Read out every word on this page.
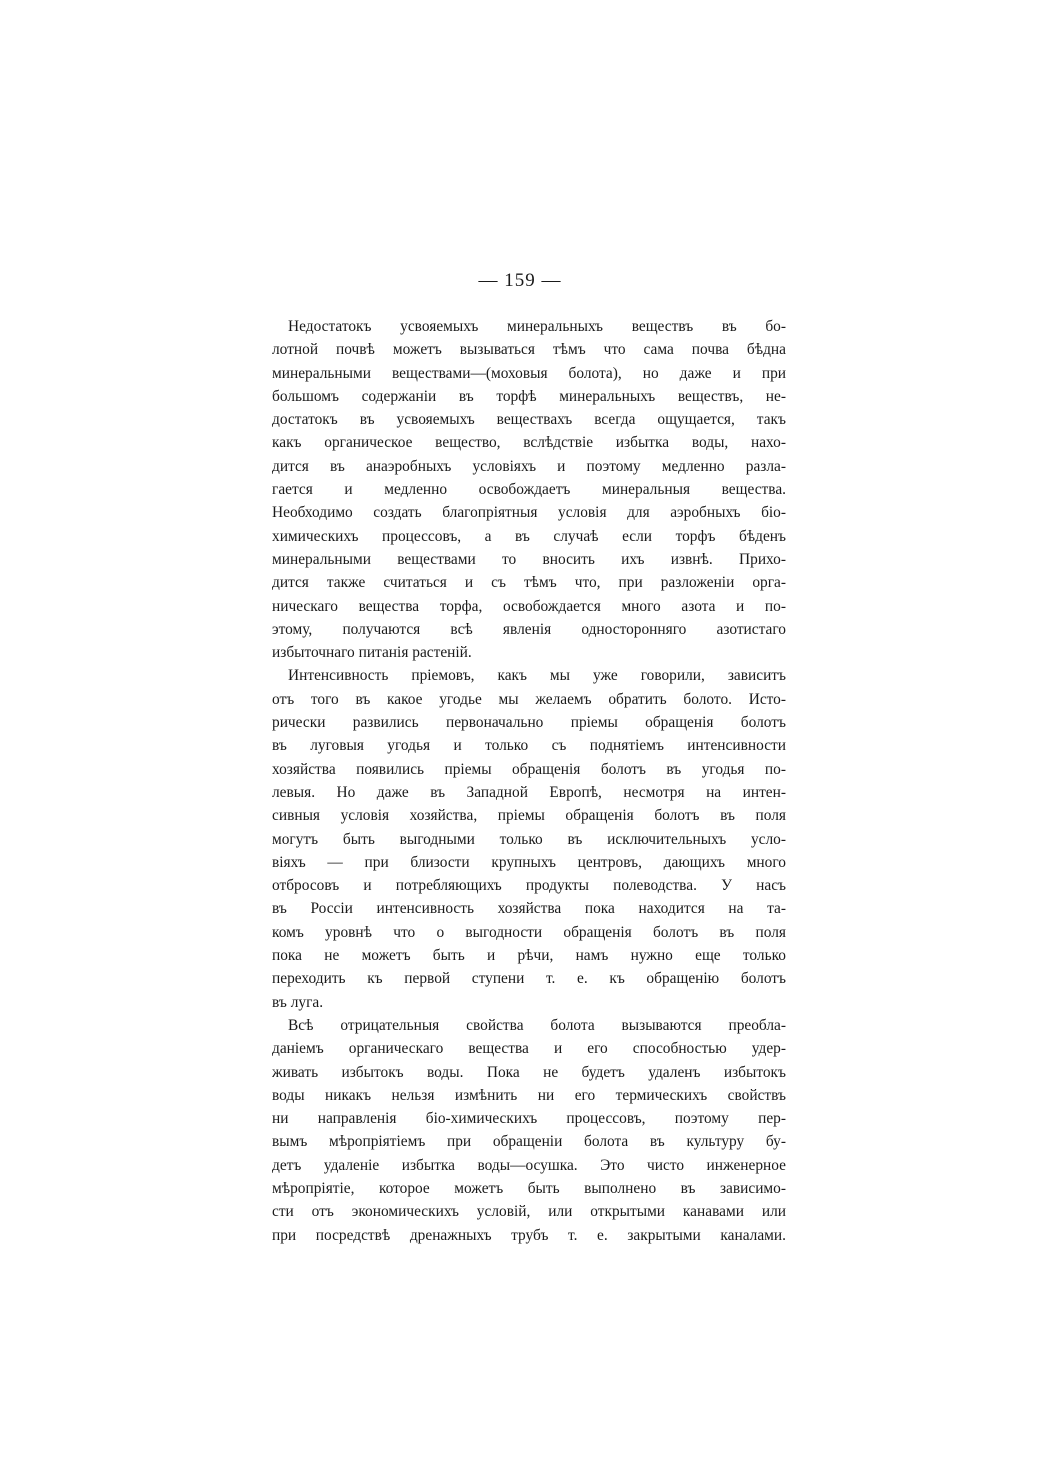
— 159 —
Недостатокъ усвояемыхъ минеральныхъ веществъ въ бо-
лотной почвѣ можетъ вызываться тѣмъ что сама почва бѣдна
минеральными веществами—(моховыя болота), но даже и при
большомъ содержаніи въ торфѣ минеральныхъ веществъ, не-
достатокъ въ усвояемыхъ веществахъ всегда ощущается, такъ
какъ органическое вещество, вслѣдствіе избытка воды, нахо-
дится въ анаэробныхъ условіяхъ и поэтому медленно разла-
гается и медленно освобождаетъ минеральныя вещества.
Необходимо создать благопріятныя условія для аэробныхъ біо-
химическихъ процессовъ, а въ случаѣ если торфъ бѣденъ
минеральными веществами то вносить ихъ извнѣ. Прихо-
дится также считаться и съ тѣмъ что, при разложеніи орга-
ническаго вещества торфа, освобождается много азота и по-
этому, получаются всѣ явленія односторонняго азотистаго
избыточнаго питанія растеній.
Интенсивность пріемовъ, какъ мы уже говорили, зависитъ
отъ того въ какое угодье мы желаемъ обратить болото. Исто-
рически развились первоначально пріемы обращенія болотъ
въ луговыя угодья и только съ поднятіемъ интенсивности
хозяйства появились пріемы обращенія болотъ въ угодья по-
левыя. Но даже въ Западной Европѣ, несмотря на интен-
сивныя условія хозяйства, пріемы обращенія болотъ въ поля
могутъ быть выгодными только въ исключительныхъ усло-
віяхъ — при близости крупныхъ центровъ, дающихъ много
отбросовъ и потребляющихъ продукты полеводства. У насъ
въ Россіи интенсивность хозяйства пока находится на та-
комъ уровнѣ что о выгодности обращенія болотъ въ поля
пока не можетъ быть и рѣчи, намъ нужно еще только
переходить къ первой ступени т. е. къ обращенію болотъ
въ луга.
Всѣ отрицательныя свойства болота вызываются преобла-
даніемъ органическаго вещества и его способностью удер-
живать избытокъ воды. Пока не будетъ удаленъ избытокъ
воды никакъ нельзя измѣнить ни его термическихъ свойствъ
ни направленія біо-химическихъ процессовъ, поэтому пер-
вымъ мѣропріятіемъ при обращеніи болота въ культуру бу-
детъ удаленіе избытка воды—осушка. Это чисто инженерное
мѣропріятіе, которое можетъ быть выполнено въ зависимо-
сти отъ экономическихъ условій, или открытыми канавами или
при посредствѣ дренажныхъ трубъ т. е. закрытыми каналами.
